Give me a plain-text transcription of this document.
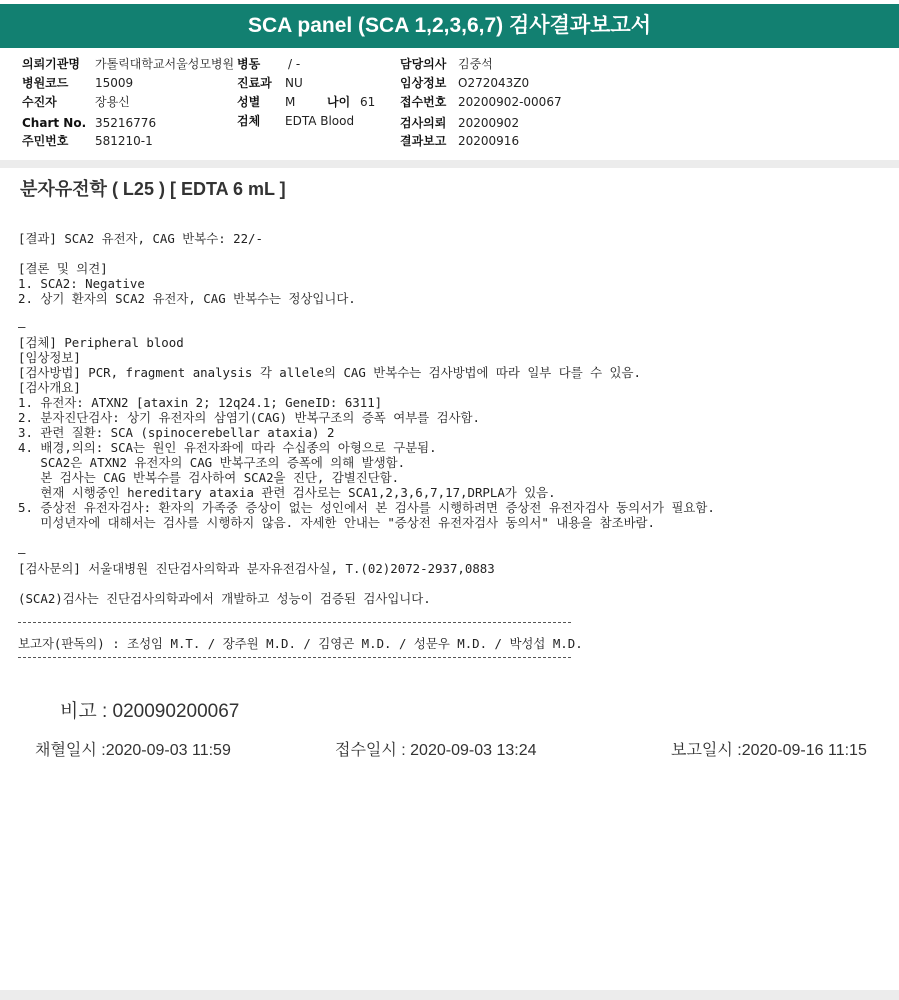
SCA panel (SCA 1,2,3,6,7) 검사결과보고서
의뢰기관명 가톨릭대학교서울성모병원 병동 / -	담당의사 김중석
병원코드 15009	진료과 NU	임상정보 O272043Z0
수진자	장용신	성별 M	나이 61 접수번호 20200902-00067
Chart No. 35216776	검체 EDTA Blood	검사의뢰 20200902
주민번호 581210-1	결과보고 20200916
분자유전학 ( L25 ) [ EDTA 6 mL ]
[결과] SCA2 유전자, CAG 반복수: 22/-
[결론 및 의견]
1. SCA2: Negative
2. 상기 환자의 SCA2 유전자, CAG 반복수는 정상입니다.
—
[검체] Peripheral blood
[임상정보]
[검사방법] PCR, fragment analysis 각 allele의 CAG 반복수는 검사방법에 따라 일부 다를 수 있음.
[검사개요]
1. 유전자: ATXN2 [ataxin 2; 12q24.1; GeneID: 6311]
2. 분자진단검사: 상기 유전자의 삼염기(CAG) 반복구조의 증폭 여부를 검사함.
3. 관련 질환: SCA (spinocerebellar ataxia) 2
4. 배경,의의: SCA는 원인 유전자좌에 따라 수십종의 아형으로 구분됨.
SCA2은 ATXN2 유전자의 CAG 반복구조의 증폭에 의해 발생함.
본 검사는 CAG 반복수를 검사하여 SCA2을 진단, 감별진단함.
현재 시행중인 hereditary ataxia 관련 검사로는 SCA1,2,3,6,7,17,DRPLA가 있음.
5. 증상전 유전자검사: 환자의 가족중 증상이 없는 성인에서 본 검사를 시행하려면 증상전 유전자검사 동의서가 필요함.
미성년자에 대해서는 검사를 시행하지 않음. 자세한 안내는 "증상전 유전자검사 동의서" 내용을 참조바람.
—
[검사문의] 서울대병원 진단검사의학과 분자유전검사실, T.(02)2072-2937,0883
(SCA2)검사는 진단검사의학과에서 개발하고 성능이 검증된 검사입니다.
보고자(판독의) : 조성임 M.T. / 장주원 M.D. / 김영곤 M.D. / 성문우 M.D. / 박성섭 M.D.
비고 : 020090200067
채혈일시 :2020-09-03 11:59	접수일시 : 2020-09-03 13:24	보고일시 :2020-09-16 11:15
